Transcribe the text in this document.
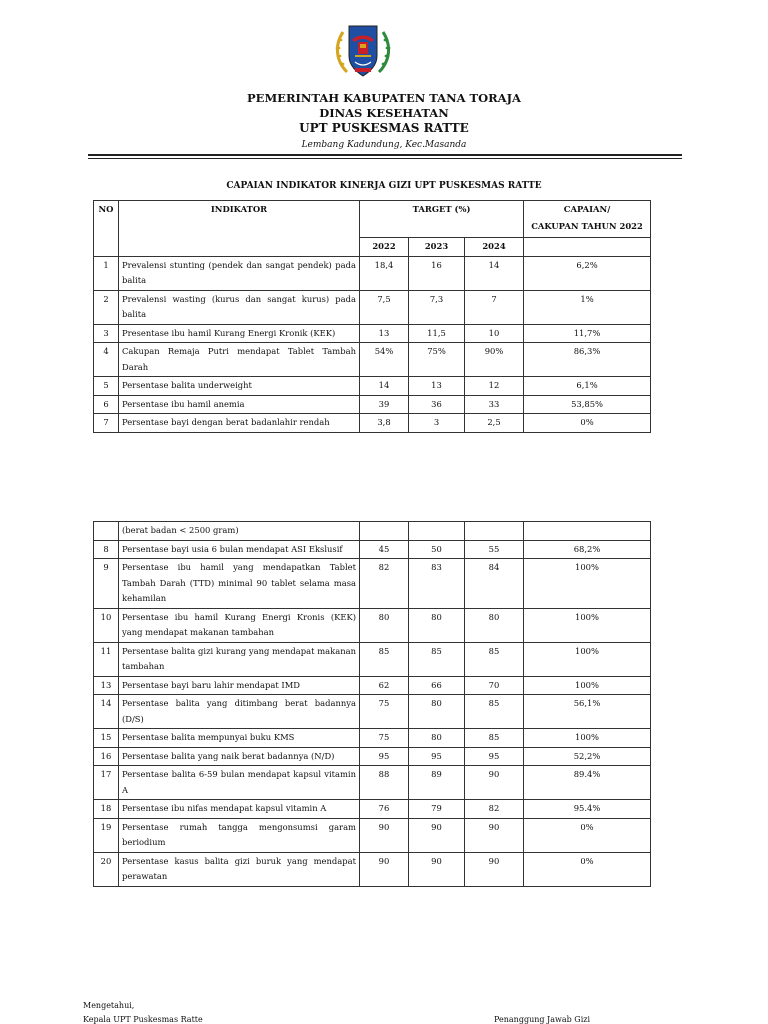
PEMERINTAH KABUPATEN TANA TORAJA
DINAS KESEHATAN
UPT PUSKESMAS RATTE
Lembang Kadundung, Kec.Masanda
CAPAIAN INDIKATOR KINERJA GIZI UPT PUSKESMAS RATTE
NO	INDIKATOR	TARGET (%)			CAPAIAN/
CAKUPAN TAHUN 2022
		2022	2023	2024	
1	Prevalensi stunting (pendek dan sangat pendek) pada balita	18,4	16	14	6,2%
2	Prevalensi wasting (kurus dan sangat kurus) pada balita	7,5	7,3	7	1%
3	Presentase ibu hamil Kurang Energi Kronik (KEK)	13	11,5	10	11,7%
4	Cakupan Remaja Putri mendapat Tablet Tambah Darah	54%	75%	90%	86,3%
5	Persentase balita underweight	14	13	12	6,1%
6	Persentase ibu hamil anemia	39	36	33	53,85%
7	Persentase bayi dengan berat badanlahir rendah	3,8	3	2,5	0%
	(berat badan < 2500 gram)				
8	Persentase bayi usia 6 bulan mendapat ASI Ekslusif	45	50	55	68,2%
9	Persentase ibu hamil yang mendapatkan Tablet Tambah Darah (TTD) minimal 90 tablet selama masa kehamilan	82	83	84	100%
10	Persentase ibu hamil Kurang Energi Kronis (KEK) yang mendapat makanan tambahan	80	80	80	100%
11	Persentase balita gizi kurang yang mendapat makanan tambahan	85	85	85	100%
13	Persentase bayi baru lahir mendapat IMD	62	66	70	100%
14	Persentase balita yang ditimbang berat badannya (D/S)	75	80	85	56,1%
15	Persentase balita mempunyai buku KMS	75	80	85	100%
16	Persentase balita yang naik berat badannya (N/D)	95	95	95	52,2%
17	Persentase balita 6-59 bulan mendapat kapsul vitamin A	88	89	90	89.4%
18	Persentase ibu nifas mendapat kapsul vitamin A	76	79	82	95.4%
19	Persentase rumah tangga mengonsumsi garam beriodium	90	90	90	0%
20	Persentase kasus balita gizi buruk yang mendapat perawatan	90	90	90	0%
Mengetahui,
Kepala UPT Puskesmas Ratte	Penanggung Jawab Gizi
